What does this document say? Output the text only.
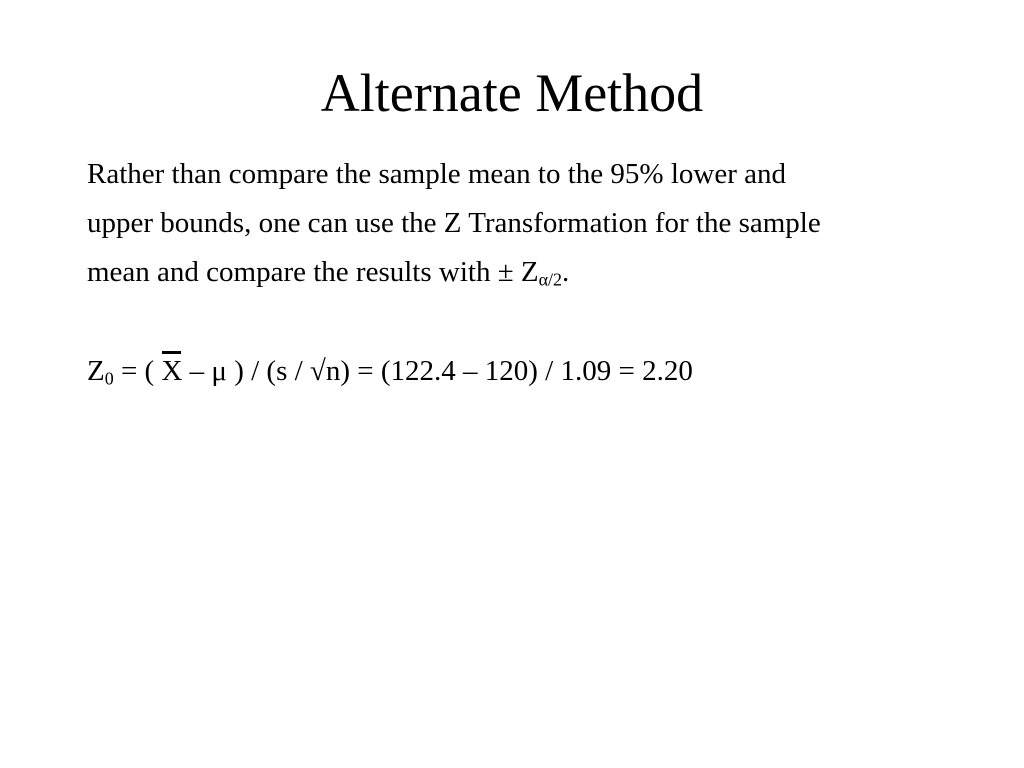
Alternate Method

Rather than compare the sample mean to the 95% lower and
upper bounds, one can use the Z Transformation for the sample
mean and compare the results with ± $Z_{\alpha/2}$.

$Z_0$ = ( X – μ ) / (s / √n) = (122.4 – 120) / 1.09 = 2.20
